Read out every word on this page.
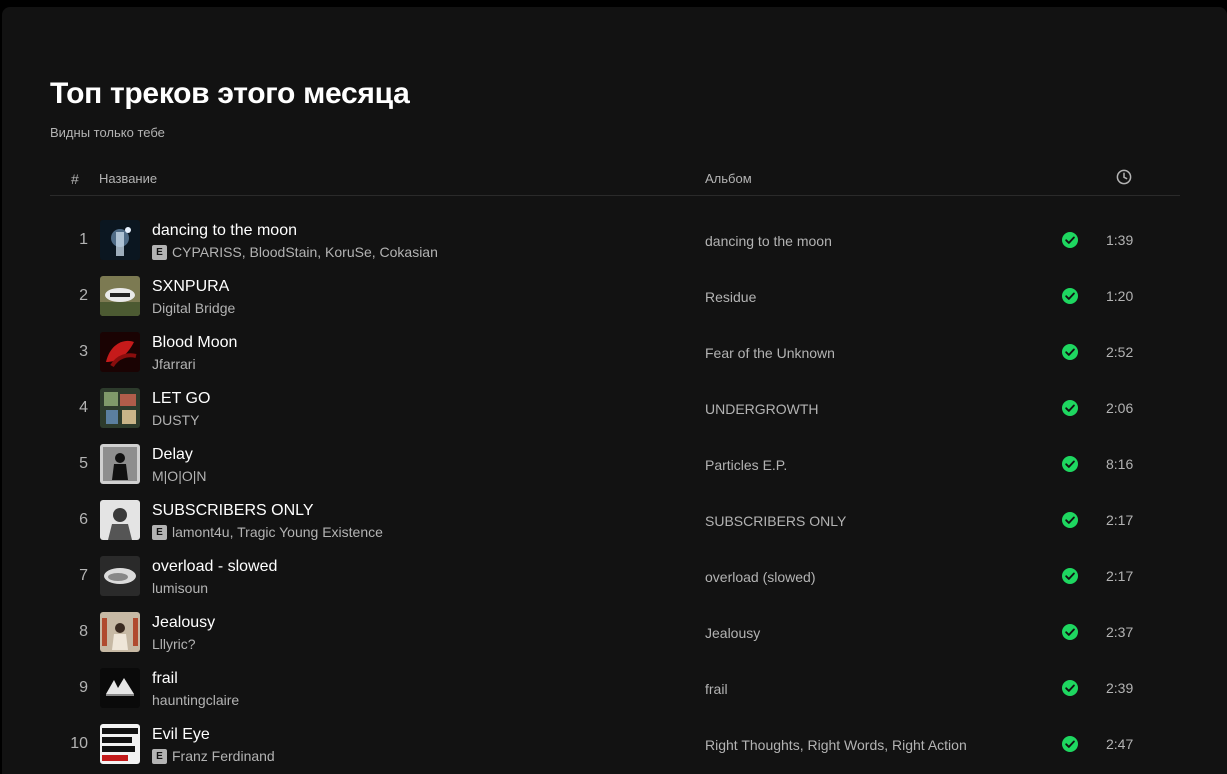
Топ треков этого месяца
Видны только тебе
# Название	Альбом
1
dancing to the moon
E CYPARISS, BloodStain, KoruSe, Cokasian
dancing to the moon	1:39
2
SXNPURA
Digital Bridge
Residue	1:20
3
Blood Moon
Jfarrari
Fear of the Unknown	2:52
4
LET GO
DUSTY
UNDERGROWTH	2:06
5
Delay
M|O|O|N
Particles E.P.	8:16
6
SUBSCRIBERS ONLY
E lamont4u, Tragic Young Existence
SUBSCRIBERS ONLY	2:17
7
overload - slowed
lumisoun
overload (slowed)	2:17
8
Jealousy
Lllyric?
Jealousy	2:37
9
frail
hauntingclaire
frail	2:39
10
Evil Eye
E Franz Ferdinand
Right Thoughts, Right Words, Right Action	2:47
